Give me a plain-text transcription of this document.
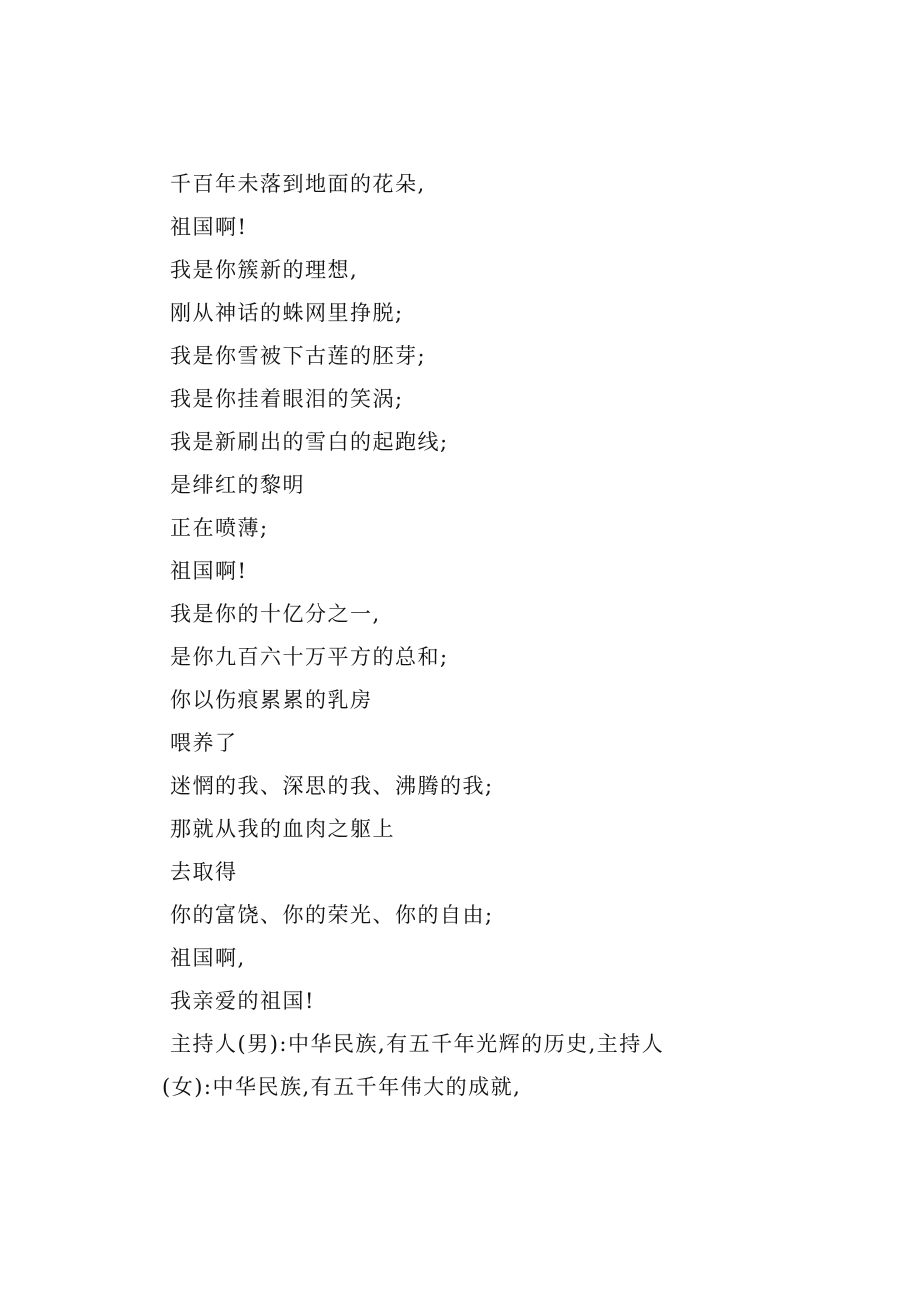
千百年未落到地面的花朵,
祖国啊!
我是你簇新的理想,
刚从神话的蛛网里挣脱;
我是你雪被下古莲的胚芽;
我是你挂着眼泪的笑涡;
我是新刷出的雪白的起跑线;
是绯红的黎明
正在喷薄;
祖国啊!
我是你的十亿分之一,
是你九百六十万平方的总和;
你以伤痕累累的乳房
喂养了
迷惘的我、深思的我、沸腾的我;
那就从我的血肉之躯上
去取得
你的富饶、你的荣光、你的自由;
祖国啊,
我亲爱的祖国!
主持人(男):中华民族,有五千年光辉的历史,主持人
(女):中华民族,有五千年伟大的成就,
